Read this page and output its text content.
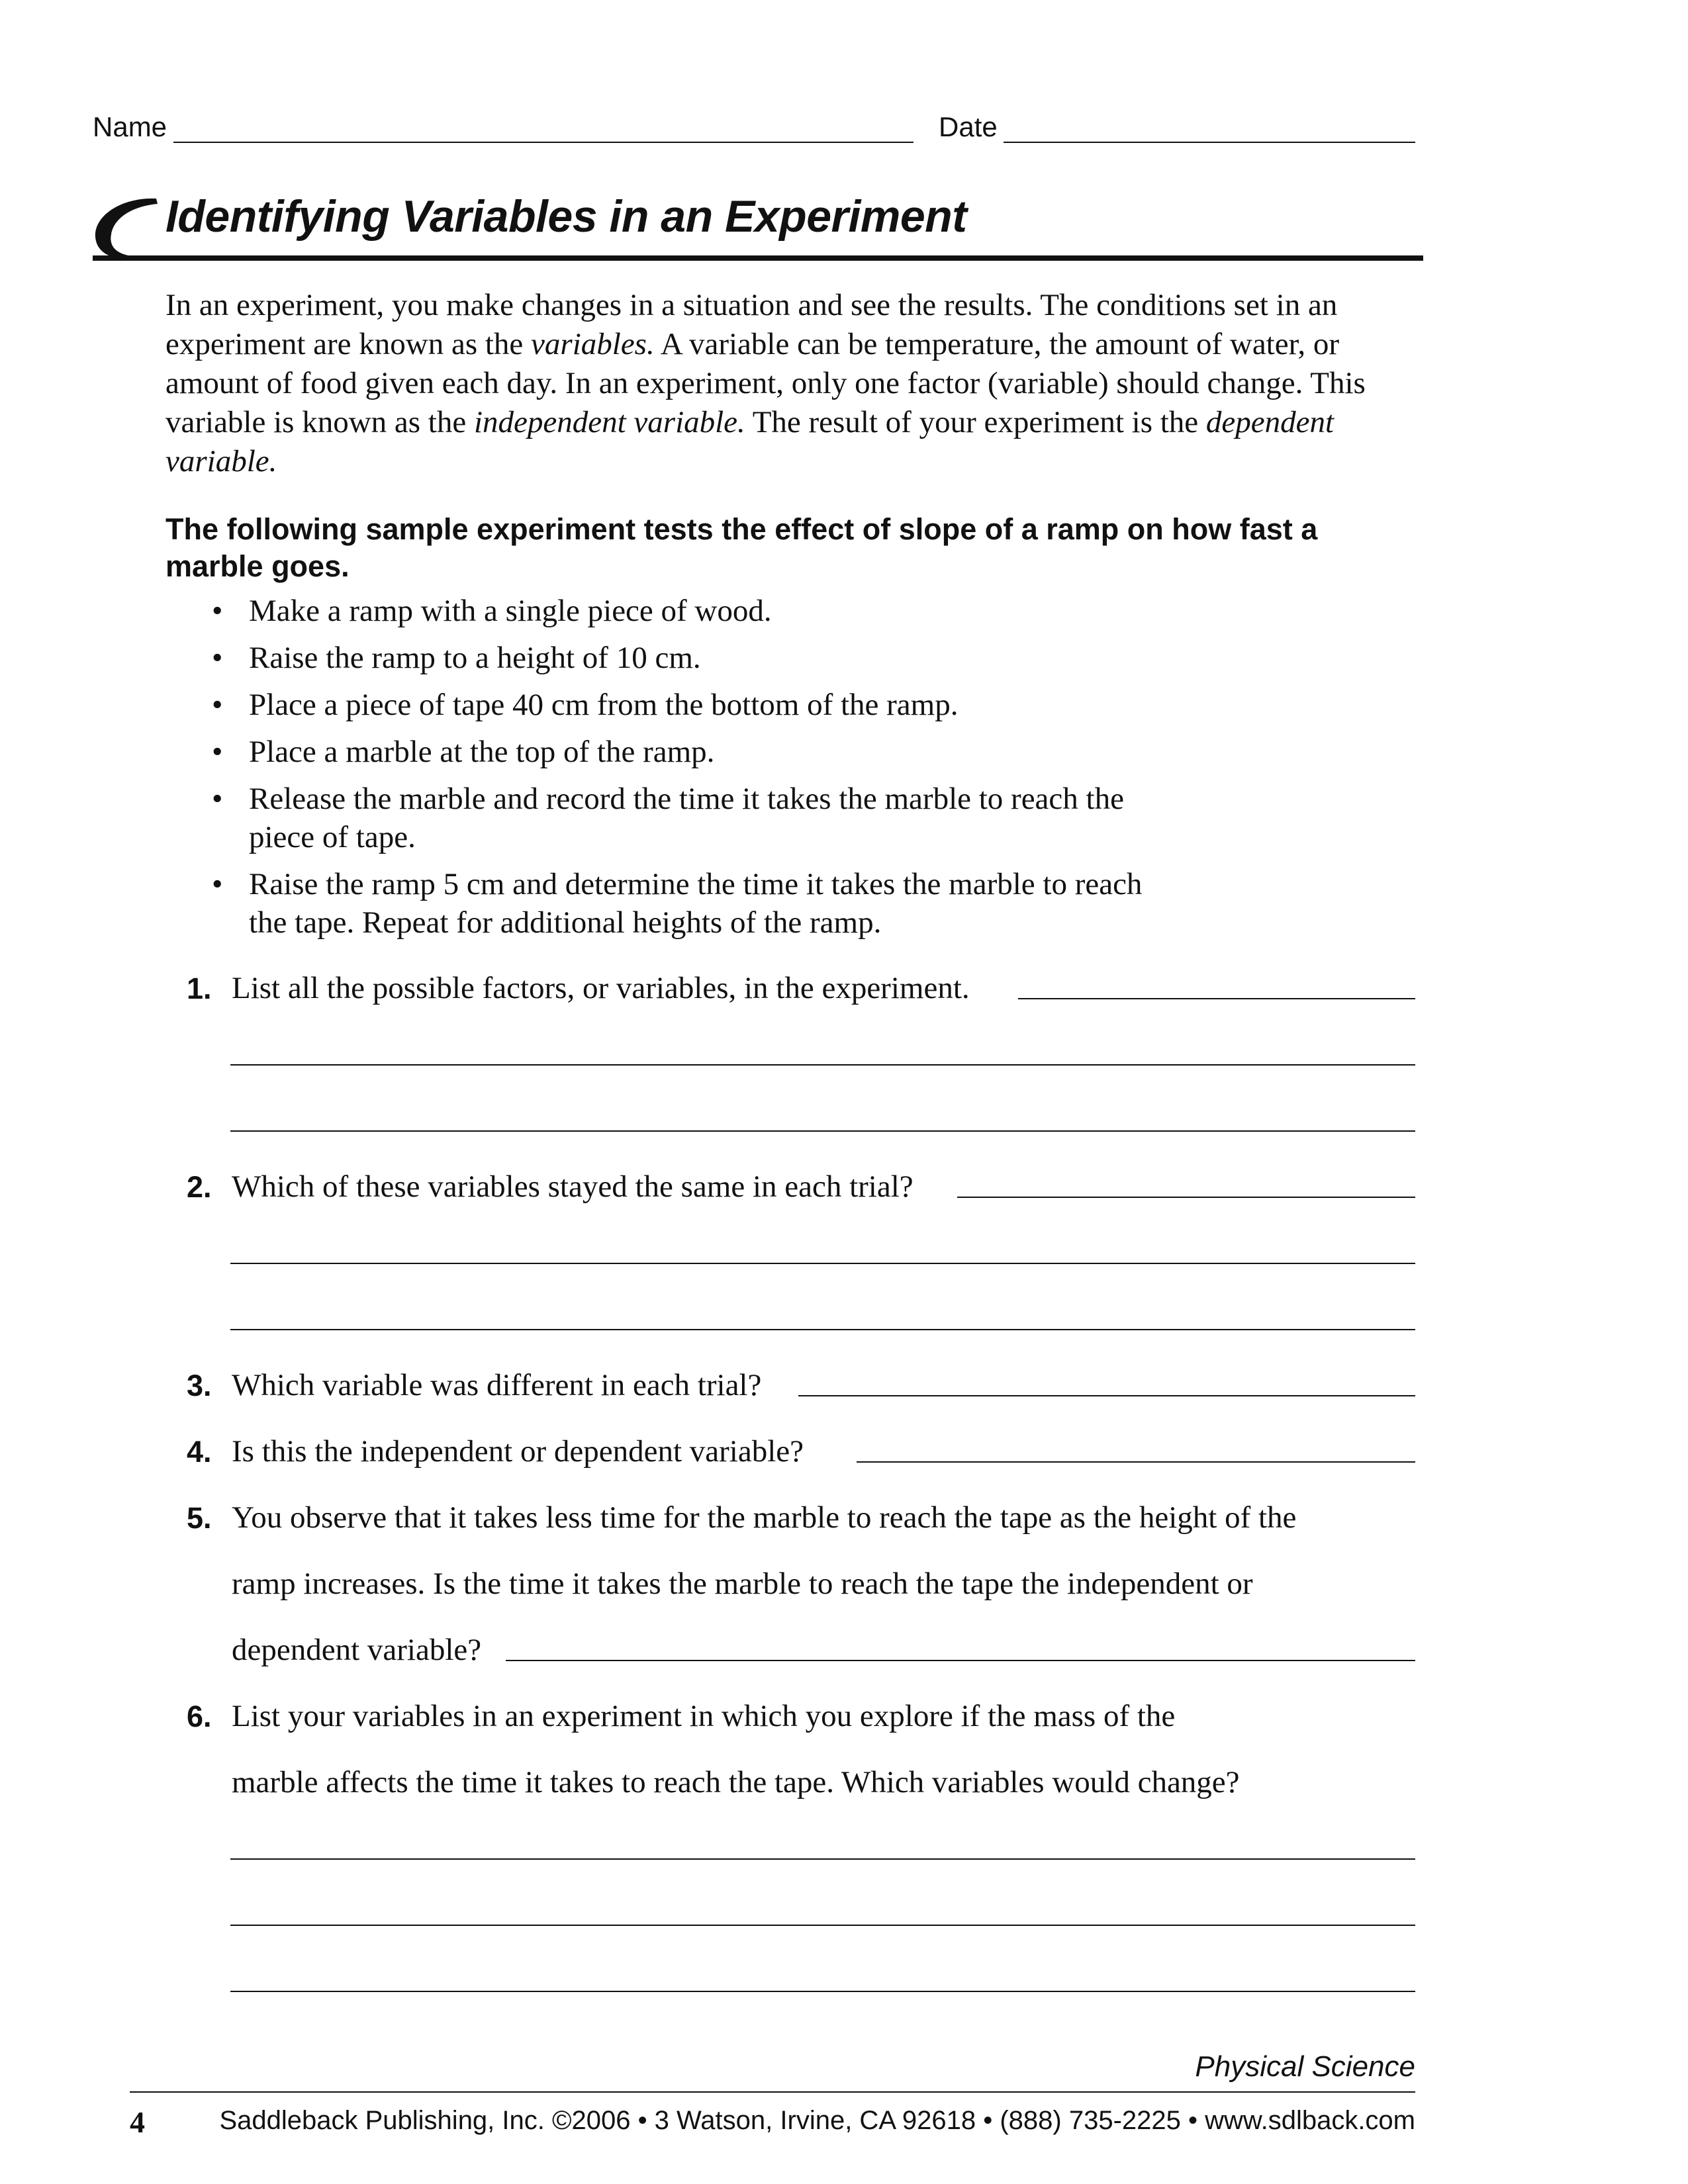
Name	Date
Identifying Variables in an Experiment
In an experiment, you make changes in a situation and see the results. The conditions set in an experiment are known as the variables. A variable can be temperature, the amount of water, or amount of food given each day. In an experiment, only one factor (variable) should change. This variable is known as the independent variable. The result of your experiment is the dependent variable.
The following sample experiment tests the effect of slope of a ramp on how fast a marble goes.
• Make a ramp with a single piece of wood.
• Raise the ramp to a height of 10 cm.
• Place a piece of tape 40 cm from the bottom of the ramp.
• Place a marble at the top of the ramp.
• Release the marble and record the time it takes the marble to reach the piece of tape.
• Raise the ramp 5 cm and determine the time it takes the marble to reach the tape. Repeat for additional heights of the ramp.
1. List all the possible factors, or variables, in the experiment.
2. Which of these variables stayed the same in each trial?
3. Which variable was different in each trial?
4. Is this the independent or dependent variable?
5. You observe that it takes less time for the marble to reach the tape as the height of the
ramp increases. Is the time it takes the marble to reach the tape the independent or
dependent variable?
6. List your variables in an experiment in which you explore if the mass of the
marble affects the time it takes to reach the tape. Which variables would change?
Physical Science
4	Saddleback Publishing, Inc. ©2006 • 3 Watson, Irvine, CA 92618 • (888) 735-2225 • www.sdlback.com
